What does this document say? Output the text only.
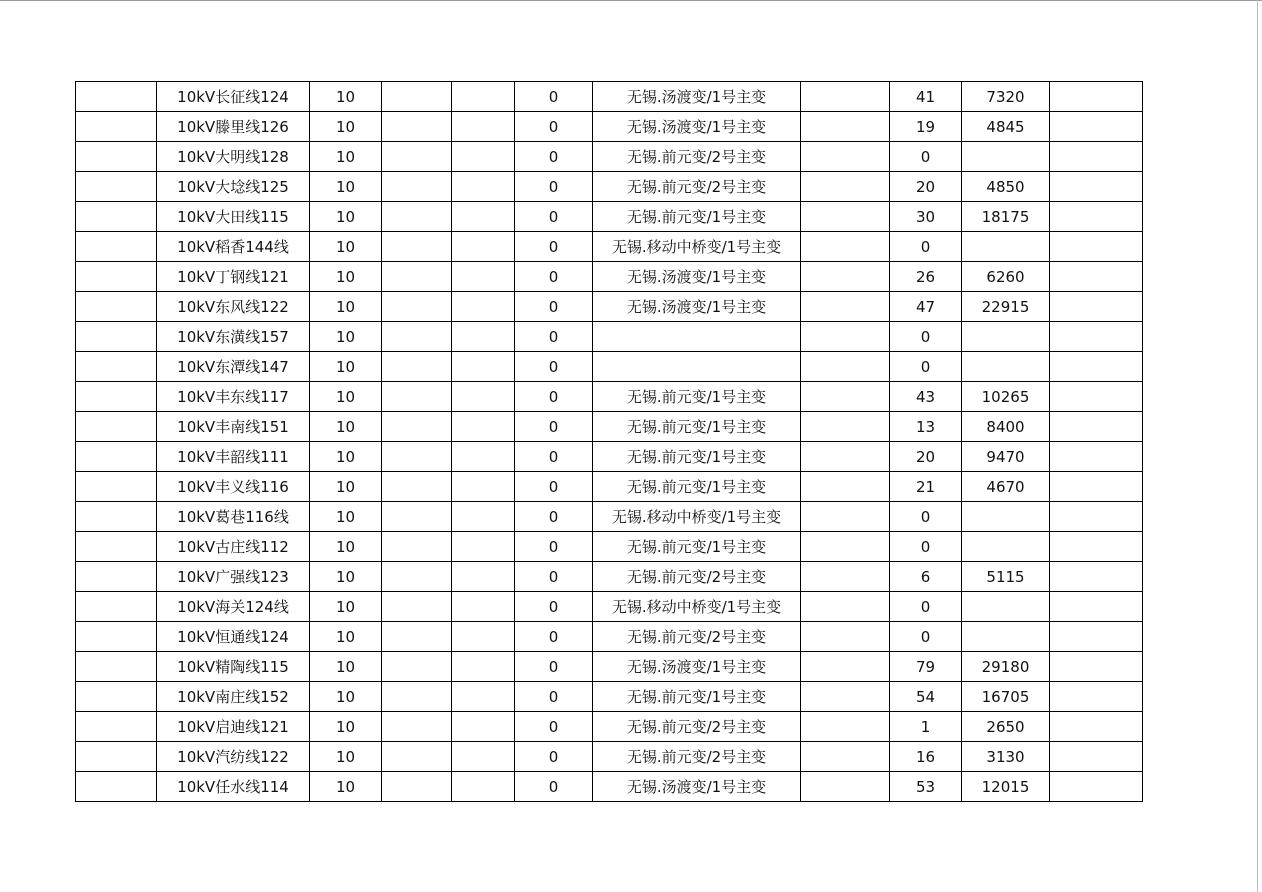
	10kV长征线124	10			0	无锡.汤渡变/1号主变		41	7320	
	10kV滕里线126	10			0	无锡.汤渡变/1号主变		19	4845	
	10kV大明线128	10			0	无锡.前元变/2号主变		0		
	10kV大埝线125	10			0	无锡.前元变/2号主变		20	4850	
	10kV大田线115	10			0	无锡.前元变/1号主变		30	18175	
	10kV稻香144线	10			0	无锡.移动中桥变/1号主变		0		
	10kV丁钢线121	10			0	无锡.汤渡变/1号主变		26	6260	
	10kV东风线122	10			0	无锡.汤渡变/1号主变		47	22915	
	10kV东潢线157	10			0			0		
	10kV东潭线147	10			0			0		
	10kV丰东线117	10			0	无锡.前元变/1号主变		43	10265	
	10kV丰南线151	10			0	无锡.前元变/1号主变		13	8400	
	10kV丰韶线111	10			0	无锡.前元变/1号主变		20	9470	
	10kV丰义线116	10			0	无锡.前元变/1号主变		21	4670	
	10kV葛巷116线	10			0	无锡.移动中桥变/1号主变		0		
	10kV古庄线112	10			0	无锡.前元变/1号主变		0		
	10kV广强线123	10			0	无锡.前元变/2号主变		6	5115	
	10kV海关124线	10			0	无锡.移动中桥变/1号主变		0		
	10kV恒通线124	10			0	无锡.前元变/2号主变		0		
	10kV精陶线115	10			0	无锡.汤渡变/1号主变		79	29180	
	10kV南庄线152	10			0	无锡.前元变/1号主变		54	16705	
	10kV启迪线121	10			0	无锡.前元变/2号主变		1	2650	
	10kV汽纺线122	10			0	无锡.前元变/2号主变		16	3130	
	10kV任水线114	10			0	无锡.汤渡变/1号主变		53	12015	
